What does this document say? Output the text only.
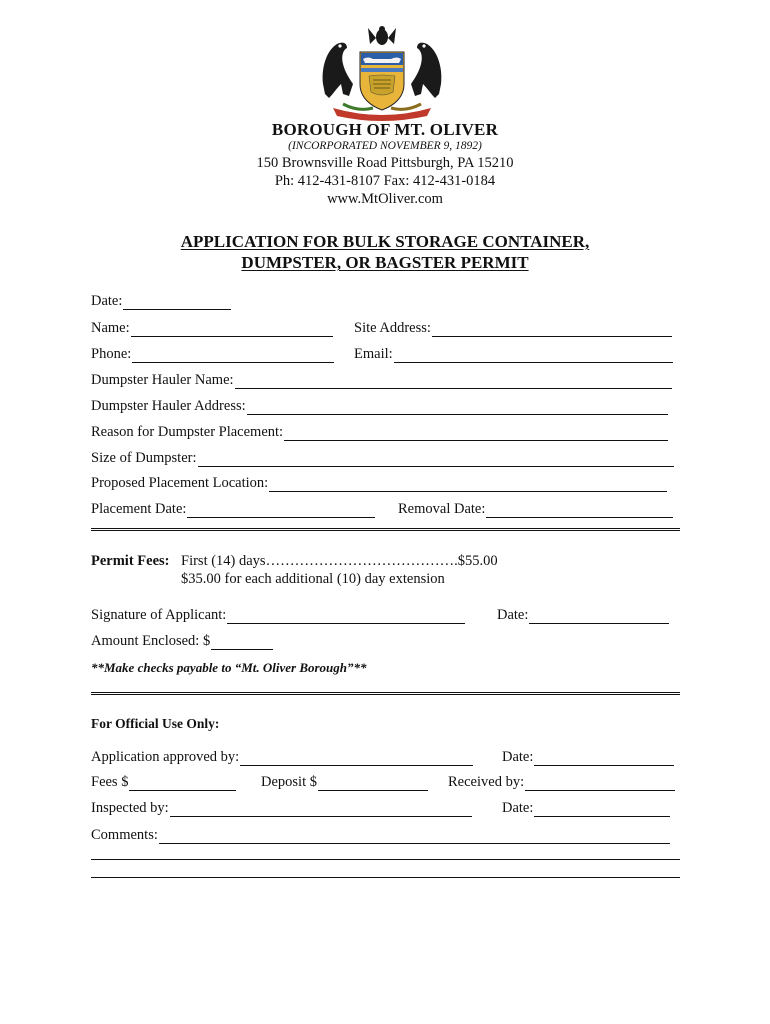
BOROUGH OF MT. OLIVER
(INCORPORATED NOVEMBER 9, 1892)
150 Brownsville Road Pittsburgh, PA 15210
Ph: 412-431-8107 Fax: 412-431-0184
www.MtOliver.com
APPLICATION FOR BULK STORAGE CONTAINER,
DUMPSTER, OR BAGSTER PERMIT
Date:
Name:	Site Address:
Phone:	Email:
Dumpster Hauler Name:
Dumpster Hauler Address:
Reason for Dumpster Placement:
Size of Dumpster:
Proposed Placement Location:
Placement Date:	Removal Date:
Permit Fees: First (14) days………………………………….$55.00
$35.00 for each additional (10) day extension
Signature of Applicant:	Date:
Amount Enclosed: $
**Make checks payable to “Mt. Oliver Borough”**
For Official Use Only:
Application approved by:	Date:
Fees $	Deposit $	Received by:
Inspected by:	Date:
Comments:
